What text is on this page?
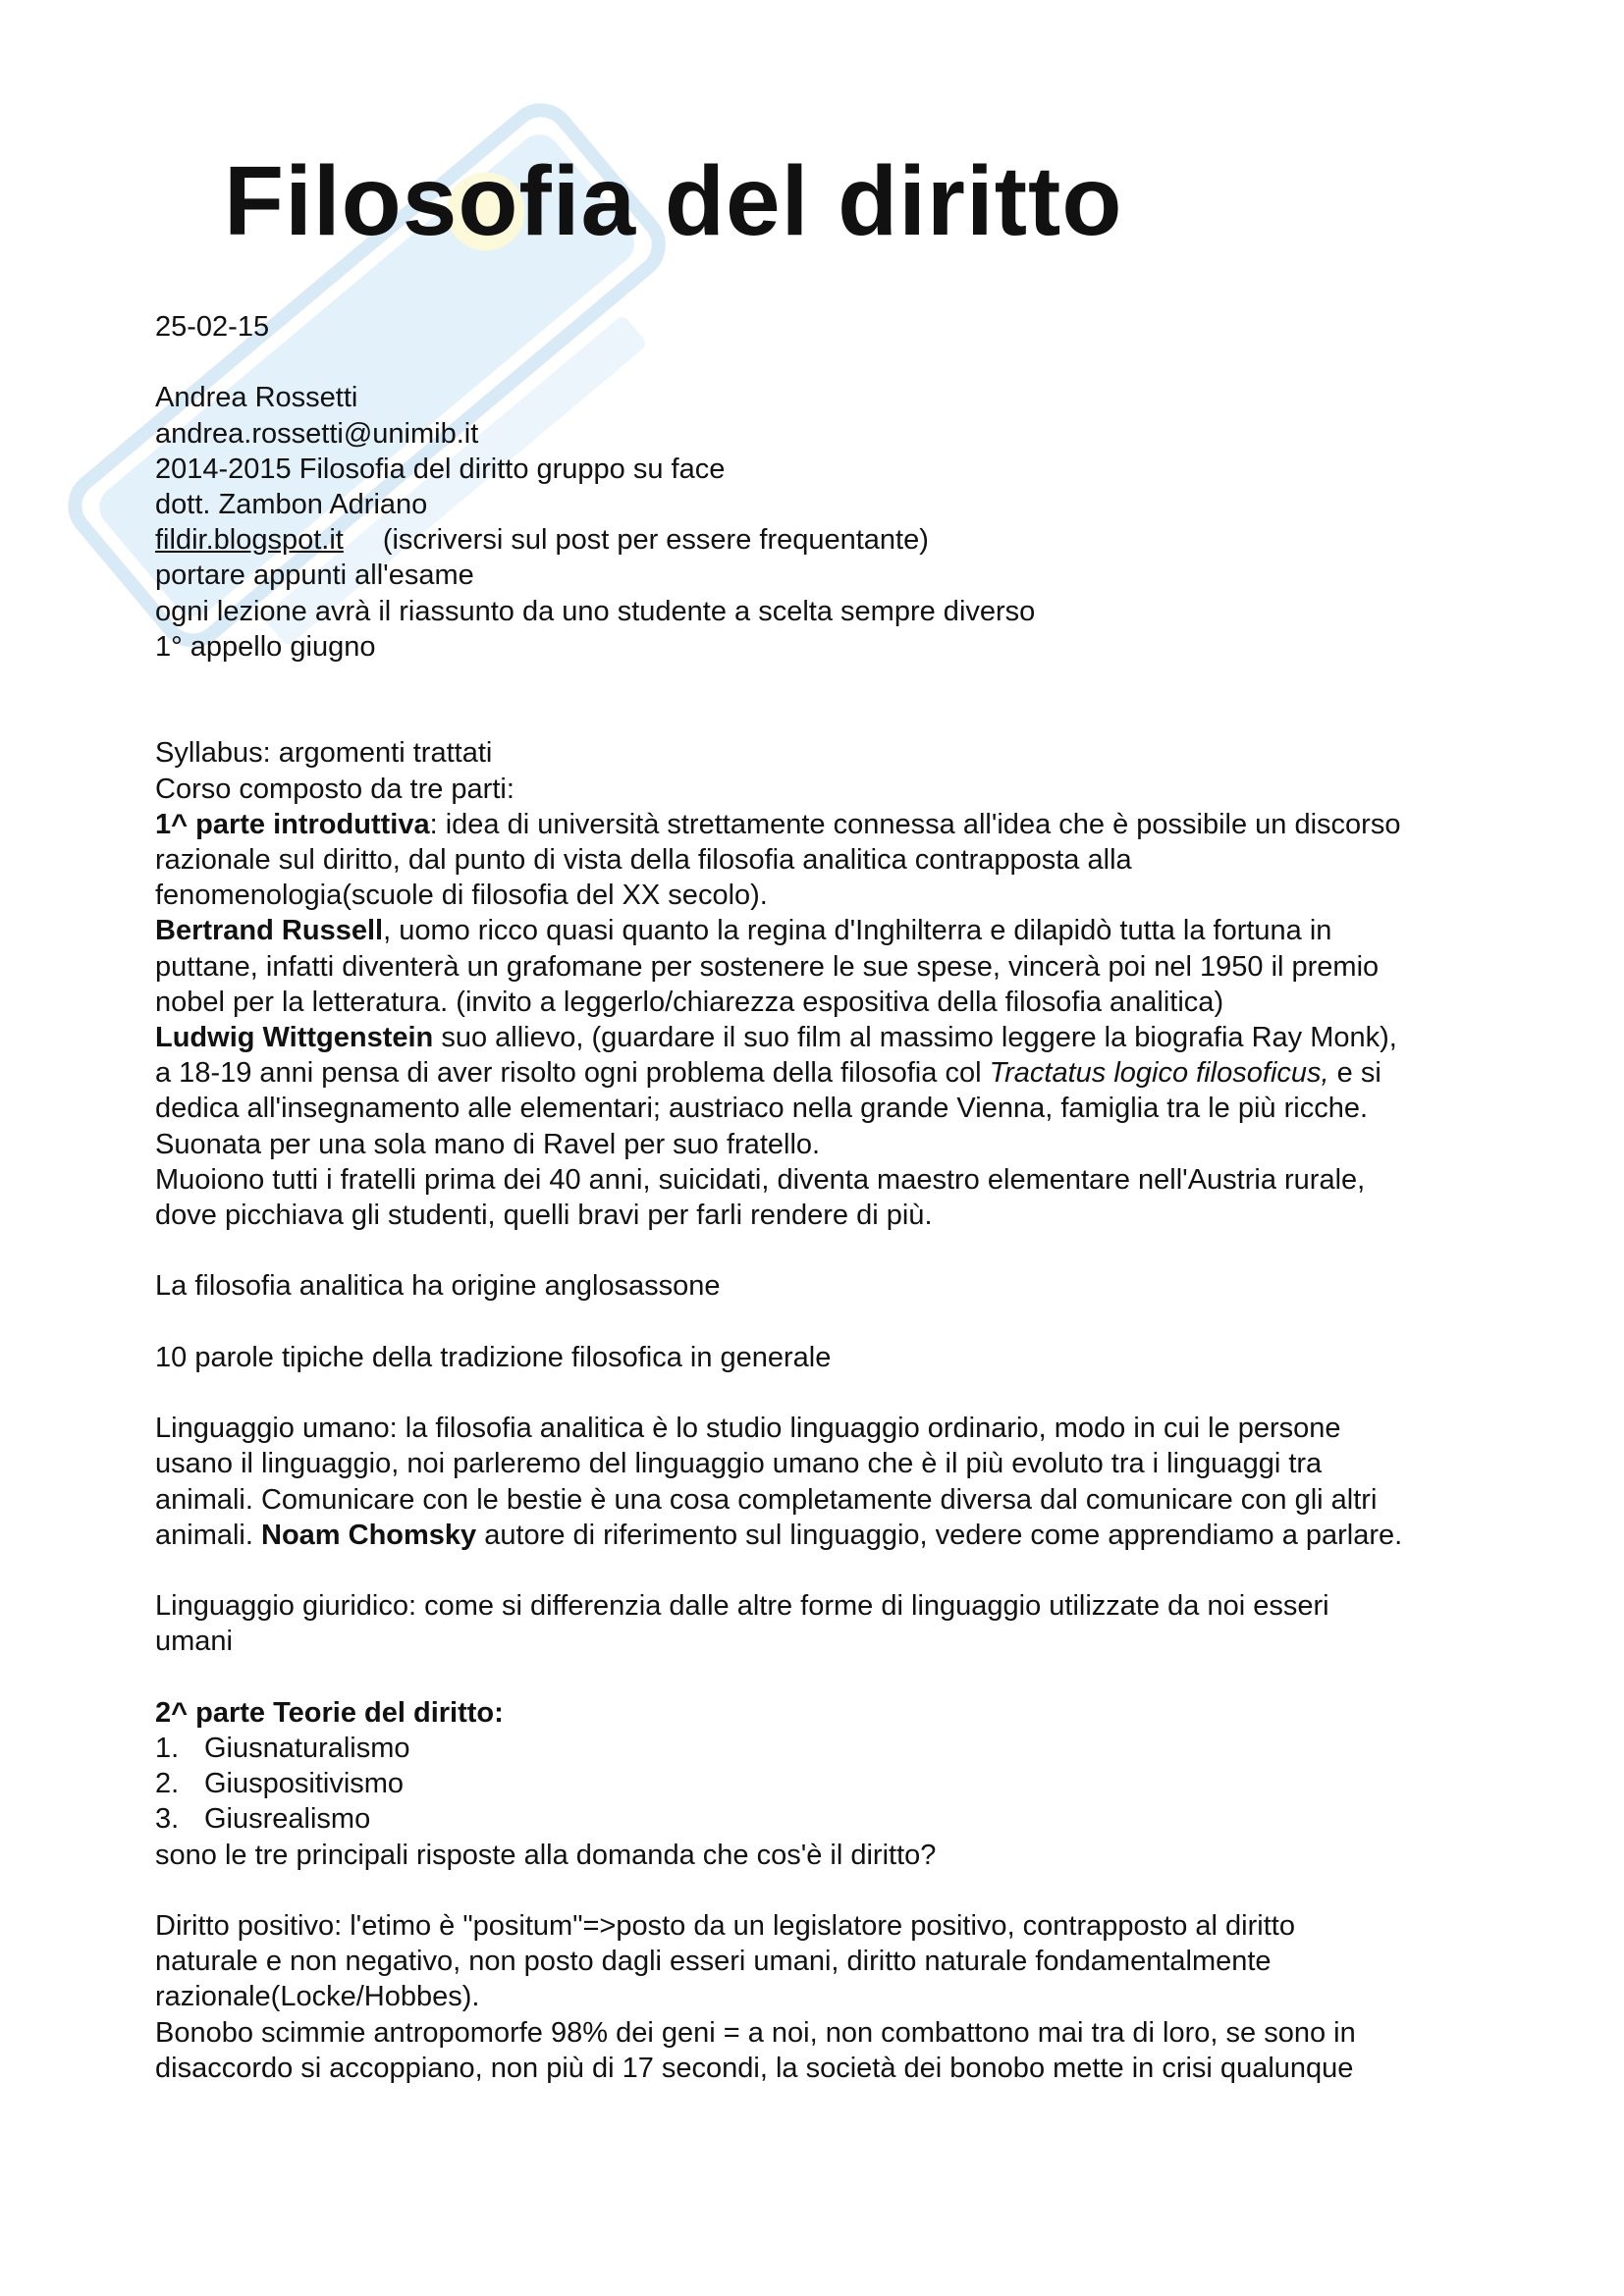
Filosofia del diritto
25-02-15
Andrea Rossetti
andrea.rossetti@unimib.it
2014-2015 Filosofia del diritto gruppo su face
dott. Zambon Adriano
fildir.blogspot.it (iscriversi sul post per essere frequentante)
portare appunti all'esame
ogni lezione avrà il riassunto da uno studente a scelta sempre diverso
1° appello giugno
Syllabus: argomenti trattati
Corso composto da tre parti:
1^ parte introduttiva: idea di università strettamente connessa all'idea che è possibile un discorso
razionale sul diritto, dal punto di vista della filosofia analitica contrapposta alla
fenomenologia(scuole di filosofia del XX secolo).
Bertrand Russell, uomo ricco quasi quanto la regina d'Inghilterra e dilapidò tutta la fortuna in
puttane, infatti diventerà un grafomane per sostenere le sue spese, vincerà poi nel 1950 il premio
nobel per la letteratura. (invito a leggerlo/chiarezza espositiva della filosofia analitica)
Ludwig Wittgenstein suo allievo, (guardare il suo film al massimo leggere la biografia Ray Monk),
a 18-19 anni pensa di aver risolto ogni problema della filosofia col Tractatus logico filosoficus, e si
dedica all'insegnamento alle elementari; austriaco nella grande Vienna, famiglia tra le più ricche.
Suonata per una sola mano di Ravel per suo fratello.
Muoiono tutti i fratelli prima dei 40 anni, suicidati, diventa maestro elementare nell'Austria rurale,
dove picchiava gli studenti, quelli bravi per farli rendere di più.
La filosofia analitica ha origine anglosassone
10 parole tipiche della tradizione filosofica in generale
Linguaggio umano: la filosofia analitica è lo studio linguaggio ordinario, modo in cui le persone
usano il linguaggio, noi parleremo del linguaggio umano che è il più evoluto tra i linguaggi tra
animali. Comunicare con le bestie è una cosa completamente diversa dal comunicare con gli altri
animali. Noam Chomsky autore di riferimento sul linguaggio, vedere come apprendiamo a parlare.
Linguaggio giuridico: come si differenzia dalle altre forme di linguaggio utilizzate da noi esseri
umani
2^ parte Teorie del diritto:
1. Giusnaturalismo
2. Giuspositivismo
3. Giusrealismo
sono le tre principali risposte alla domanda che cos'è il diritto?
Diritto positivo: l'etimo è "positum"=>posto da un legislatore positivo, contrapposto al diritto
naturale e non negativo, non posto dagli esseri umani, diritto naturale fondamentalmente
razionale(Locke/Hobbes).
Bonobo scimmie antropomorfe 98% dei geni = a noi, non combattono mai tra di loro, se sono in
disaccordo si accoppiano, non più di 17 secondi, la società dei bonobo mette in crisi qualunque
